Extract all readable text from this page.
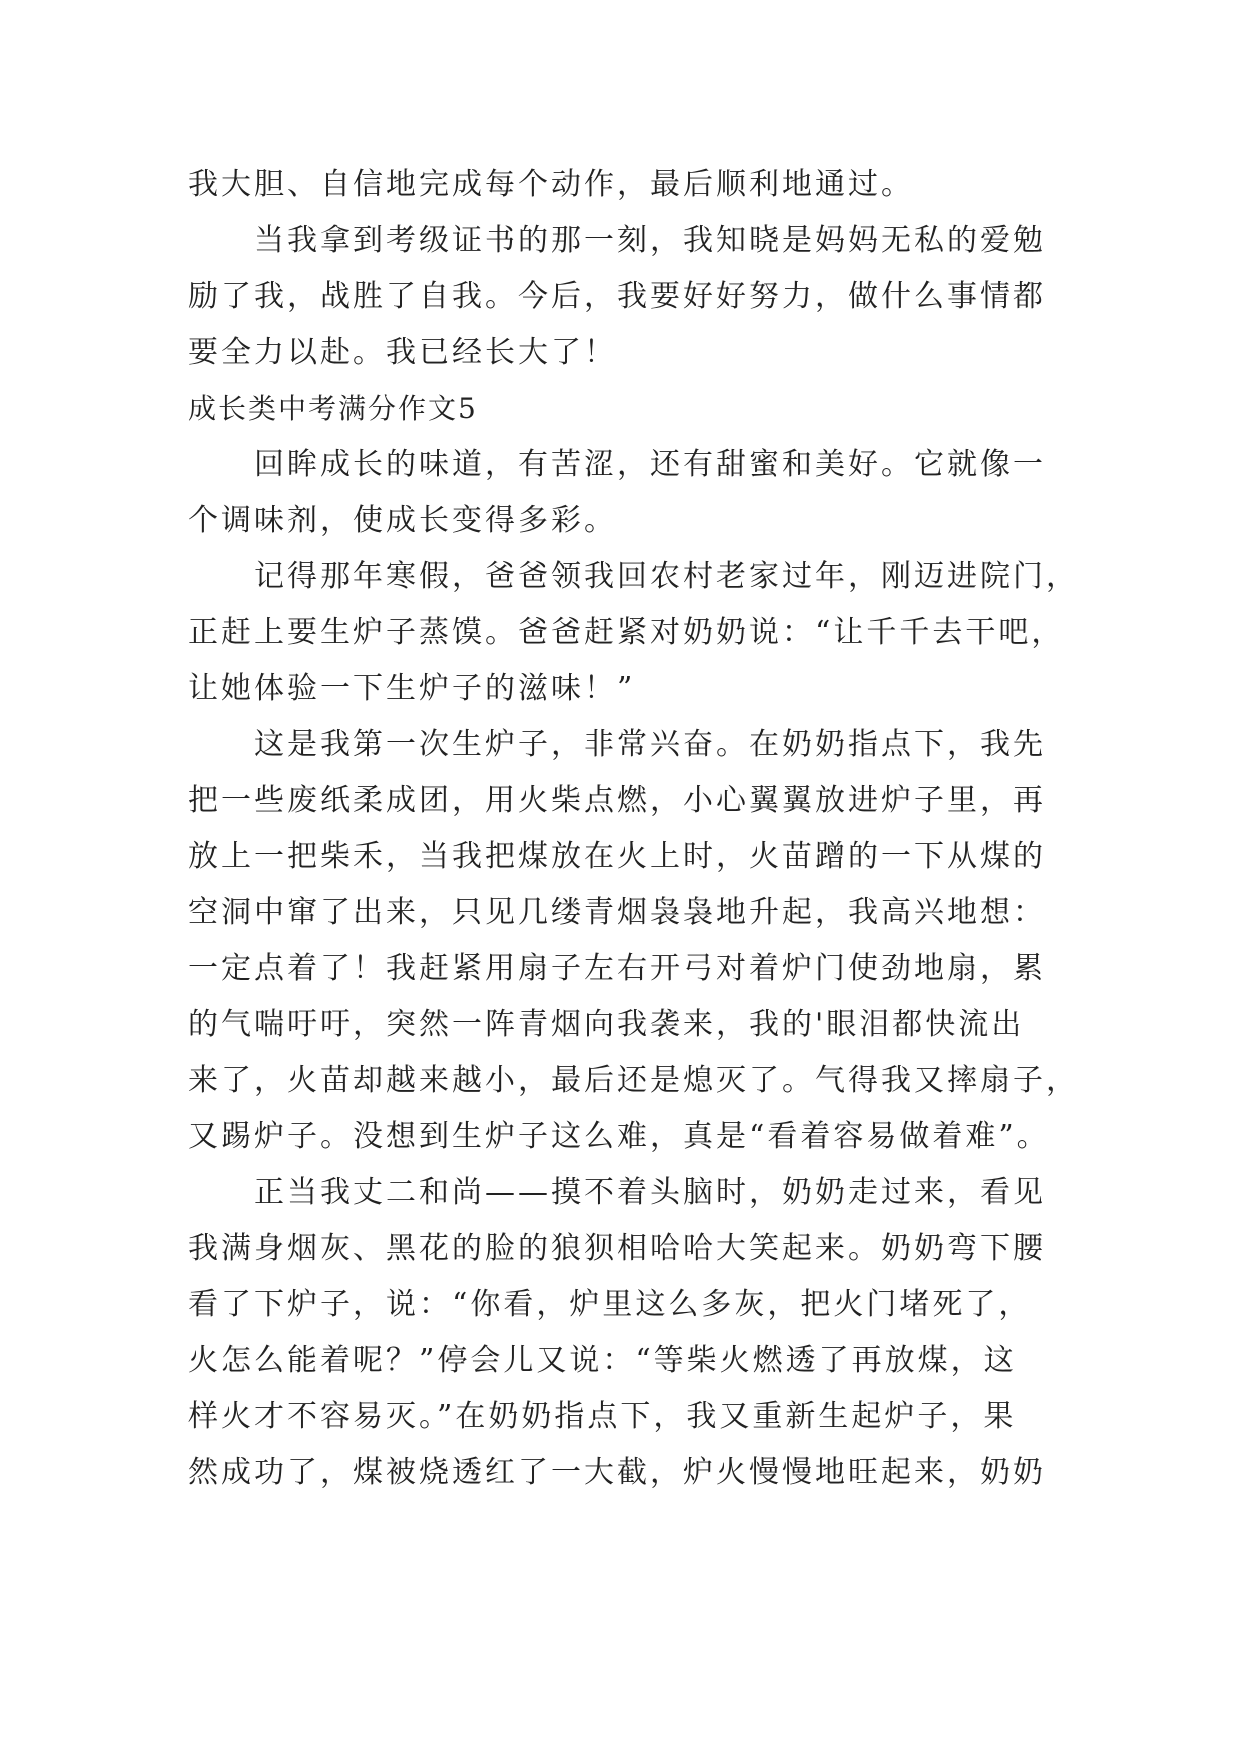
我大胆、自信地完成每个动作，最后顺利地通过。
当我拿到考级证书的那一刻，我知晓是妈妈无私的爱勉
励了我，战胜了自我。今后，我要好好努力，做什么事情都
要全力以赴。我已经长大了！
成长类中考满分作文5
回眸成长的味道，有苦涩，还有甜蜜和美好。它就像一
个调味剂，使成长变得多彩。
记得那年寒假，爸爸领我回农村老家过年，刚迈进院门，
正赶上要生炉子蒸馍。爸爸赶紧对奶奶说：“让千千去干吧，
让她体验一下生炉子的滋味！”
这是我第一次生炉子，非常兴奋。在奶奶指点下，我先
把一些废纸柔成团，用火柴点燃，小心翼翼放进炉子里，再
放上一把柴禾，当我把煤放在火上时，火苗蹭的一下从煤的
空洞中窜了出来，只见几缕青烟袅袅地升起，我高兴地想：
一定点着了！我赶紧用扇子左右开弓对着炉门使劲地扇，累
的气喘吁吁，突然一阵青烟向我袭来，我的'眼泪都快流出
来了，火苗却越来越小，最后还是熄灭了。气得我又摔扇子，
又踢炉子。没想到生炉子这么难，真是“看着容易做着难”。
正当我丈二和尚——摸不着头脑时，奶奶走过来，看见
我满身烟灰、黑花的脸的狼狈相哈哈大笑起来。奶奶弯下腰
看了下炉子，说：“你看，炉里这么多灰，把火门堵死了，
火怎么能着呢？”停会儿又说：“等柴火燃透了再放煤，这
样火才不容易灭。”在奶奶指点下，我又重新生起炉子，果
然成功了，煤被烧透红了一大截，炉火慢慢地旺起来，奶奶
